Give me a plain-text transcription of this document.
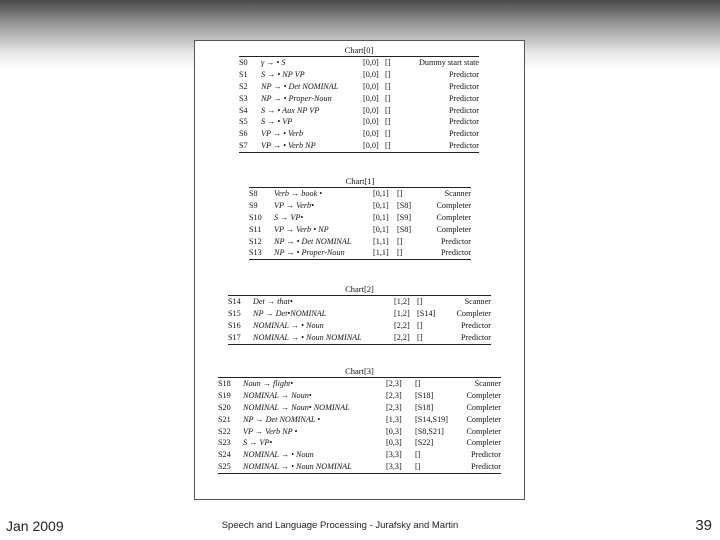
Chart[0]
S0 γ → • S	[0,0] []	Dummy start state
S1 S → • NP VP	[0,0] []	Predictor
S2 NP → • Det NOMINAL	[0,0] []	Predictor
S3 NP → • Proper-Noun	[0,0] []	Predictor
S4 S → • Aux NP VP	[0,0] []	Predictor
S5 S → • VP	[0,0] []	Predictor
S6 VP → • Verb	[0,0] []	Predictor
S7 VP → • Verb NP	[0,0] []	Predictor
Chart[1]
S8 Verb → book •	[0,1] []	Scanner
S9 VP → Verb•	[0,1] [S8]	Completer
S10 S → VP•	[0,1] [S9]	Completer
S11 VP → Verb • NP	[0,1] [S8]	Completer
S12 NP → • Det NOMINAL	[1,1] []	Predictor
S13 NP → • Proper-Noun	[1,1] []	Predictor
Chart[2]
S14 Det → that•	[1,2] []	Scanner
S15 NP → Det•NOMINAL	[1,2] [S14]	Completer
S16 NOMINAL → • Noun	[2,2] []	Predictor
S17 NOMINAL → • Noun NOMINAL	[2,2] []	Predictor
Chart[3]
S18 Noun → flight•	[2,3] []	Scanner
S19 NOMINAL → Noun•	[2,3] [S18]	Completer
S20 NOMINAL → Noun• NOMINAL	[2,3] [S18]	Completer
S21 NP → Det NOMINAL •	[1,3] [S14,S19] Completer
S22 VP → Verb NP •	[0,3] [S8,S21]	Completer
S23 S → VP•	[0,3] [S22]	Completer
S24 NOMINAL → • Noun	[3,3] []	Predictor
S25 NOMINAL → • Noun NOMINAL	[3,3] []	Predictor
Jan 2009	Speech and Language Processing - Jurafsky and Martin	39
